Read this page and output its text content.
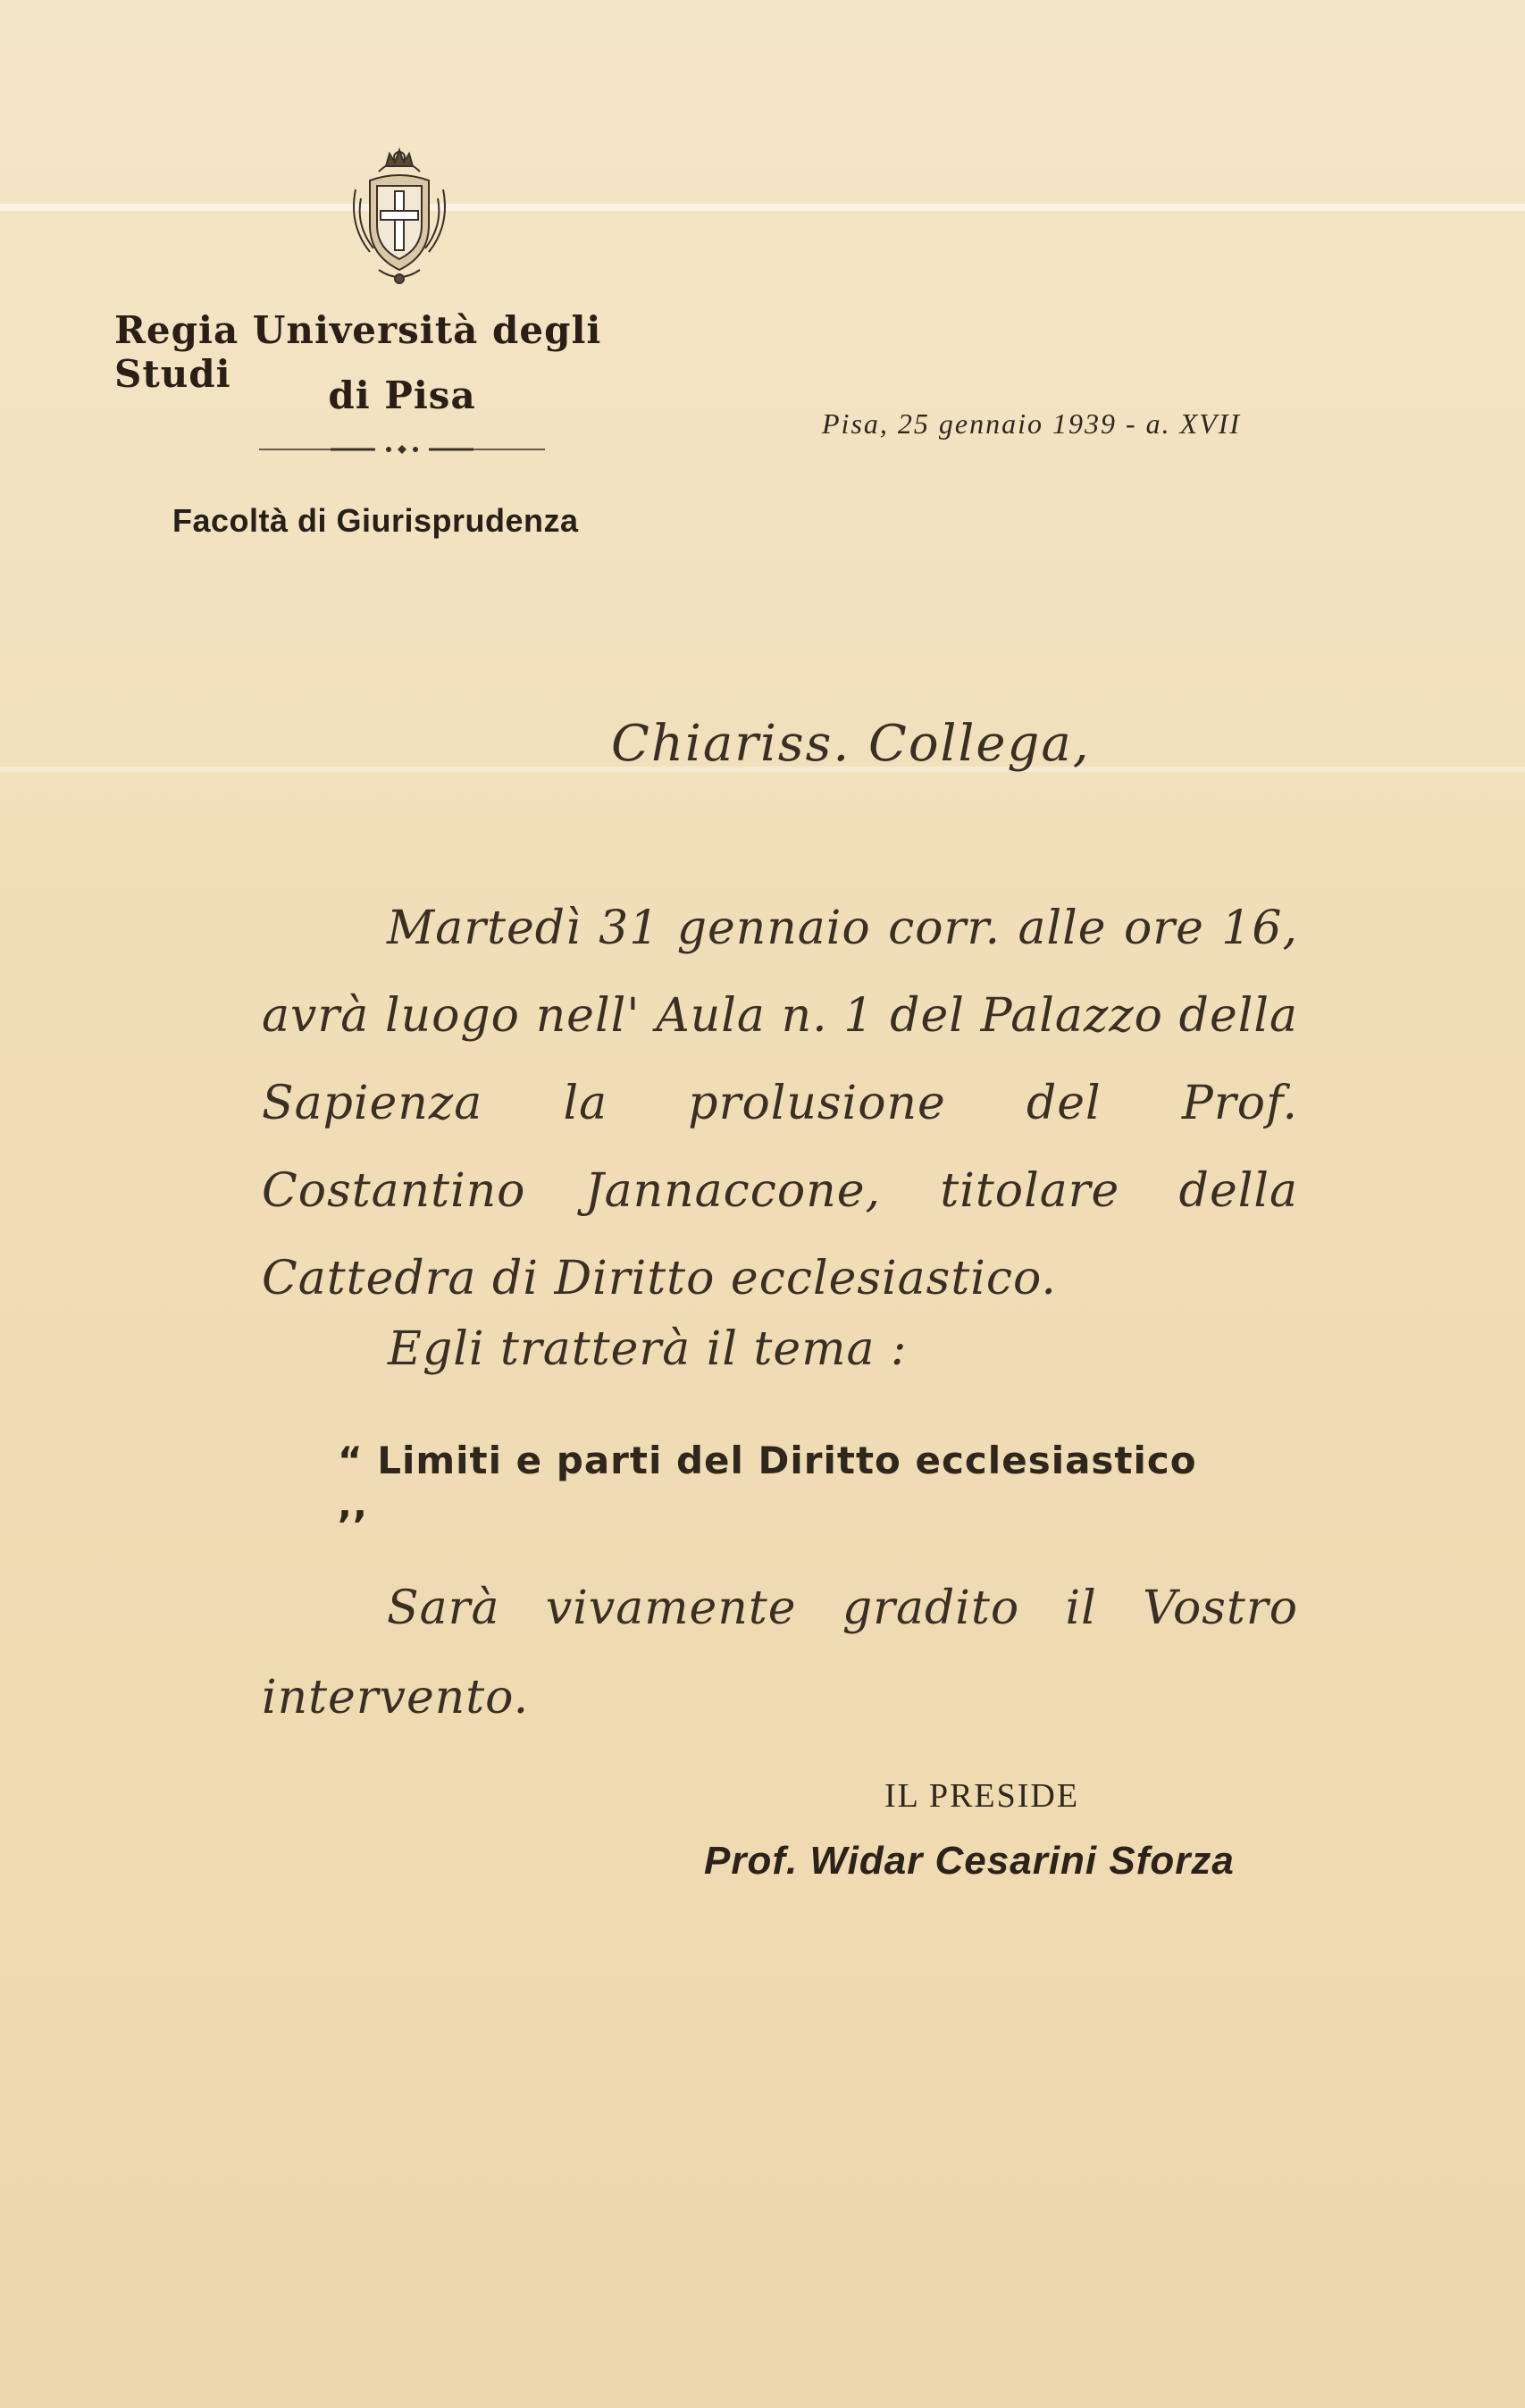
Regia Università degli Studi	di Pisa
Facoltà di Giurisprudenza
Pisa, 25 gennaio 1939 - a. XVII
Chiariss. Collega,
Martedì 31 gennaio corr. alle ore 16, avrà luogo nell' Aula n. 1 del Palazzo della Sapienza la prolusione del Prof. Costantino Jannaccone, titolare della Cattedra di Diritto ecclesiastico.
Egli tratterà il tema :
“ Limiti e parti del Diritto ecclesiastico ,,
Sarà vivamente gradito il Vostro intervento.
IL PRESIDE
Prof. Widar Cesarini Sforza
